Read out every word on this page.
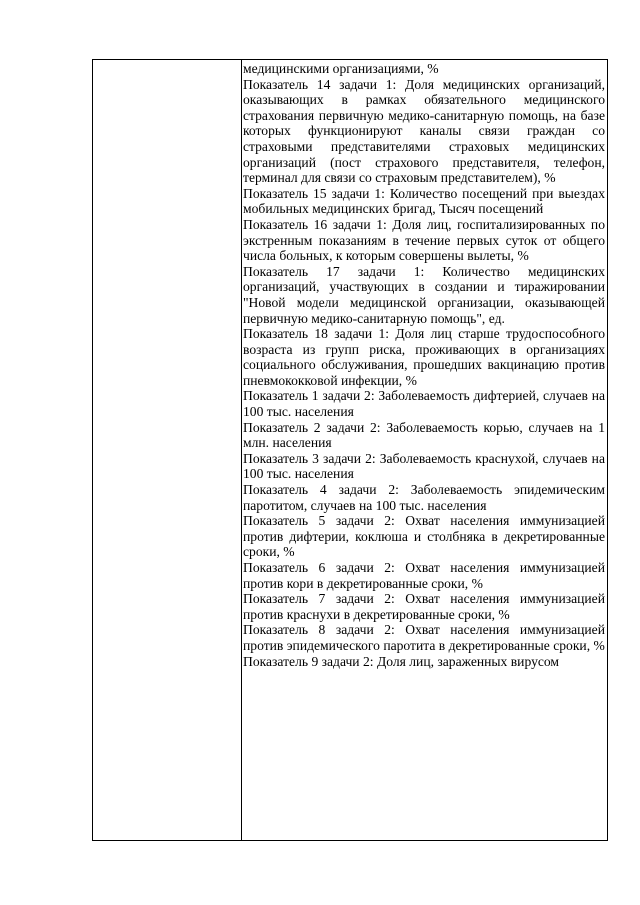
медицинскими организациями, %

Показатель 14 задачи 1: Доля медицинских организаций, оказывающих в рамках обязательного медицинского страхования первичную медико-санитарную помощь, на базе которых функционируют каналы связи граждан со страховыми представителями страховых медицинских организаций (пост страхового представителя, телефон, терминал для связи со страховым представителем), %

Показатель 15 задачи 1: Количество посещений при выездах мобильных медицинских бригад, Тысяч посещений

Показатель 16 задачи 1: Доля лиц, госпитализированных по экстренным показаниям в течение первых суток от общего числа больных, к которым совершены вылеты, %

Показатель 17 задачи 1: Количество медицинских организаций, участвующих в создании и тиражировании "Новой модели медицинской организации, оказывающей первичную медико-санитарную помощь", ед.

Показатель 18 задачи 1: Доля лиц старше трудоспособного возраста из групп риска, проживающих в организациях социального обслуживания, прошедших вакцинацию против пневмококковой инфекции, %

Показатель 1 задачи 2: Заболеваемость дифтерией, случаев на 100 тыс. населения

Показатель 2 задачи 2: Заболеваемость корью, случаев на 1 млн. населения

Показатель 3 задачи 2: Заболеваемость краснухой, случаев на 100 тыс. населения

Показатель 4 задачи 2: Заболеваемость эпидемическим паротитом, случаев на 100 тыс. населения

Показатель 5 задачи 2: Охват населения иммунизацией против дифтерии, коклюша и столбняка в декретированные сроки, %

Показатель 6 задачи 2: Охват населения иммунизацией против кори в декретированные сроки, %

Показатель 7 задачи 2: Охват населения иммунизацией против краснухи в декретированные сроки, %

Показатель 8 задачи 2: Охват населения иммунизацией против эпидемического паротита в декретированные сроки, %

Показатель 9 задачи 2: Доля лиц, зараженных вирусом
